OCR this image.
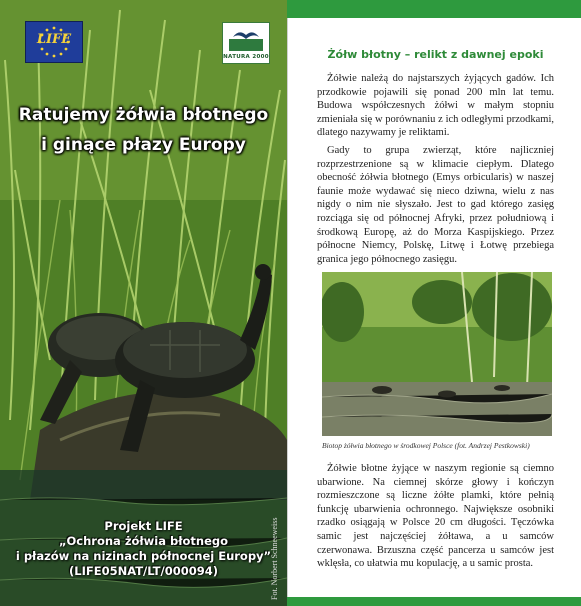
LIFE
NATURA 2000
Ratujemy żółwia błotnego
i ginące płazy Europy
Projekt LIFE
„Ochrona żółwia błotnego
i płazów na nizinach północnej Europy”
(LIFE05NAT/LT/000094)	Fot. Norbert Schneeweiss
Żółw błotny – relikt z dawnej epoki
Żółwie należą do najstarszych żyjących gadów. Ich przodkowie pojawili się ponad 200 mln lat temu. Budowa współczesnych żółwi w małym stopniu zmieniała się w porównaniu z ich odległymi przodkami, dlatego nazywamy je reliktami.
Gady to grupa zwierząt, które najliczniej rozprzestrzenione są w klimacie ciepłym. Dlatego obecność żółwia błotnego (Emys orbicularis) w naszej faunie może wydawać się nieco dziwna, wielu z nas nigdy o nim nie słyszało. Jest to gad którego zasięg rozciąga się od północnej Afryki, przez południową i środkową Europę, aż do Morza Kaspijskiego. Przez północne Niemcy, Polskę, Litwę i Łotwę przebiega granica jego północnego zasięgu.
Żółwie błotne żyjące w naszym regionie są ciemno ubarwione. Na ciemnej skórze głowy i kończyn rozmieszczone są liczne żółte plamki, które pełnią funkcję ubarwienia ochronnego. Największe osobniki rzadko osiągają w Polsce 20 cm długości. Tęczówka samic jest najczęściej żółtawa, a u samców czerwonawa. Brzuszna część pancerza u samców jest wklęsła, co ułatwia mu kopulację, a u samic prosta.
Biotop żółwia błotnego w środkowej Polsce (fot. Andrzej Pestkowski)
